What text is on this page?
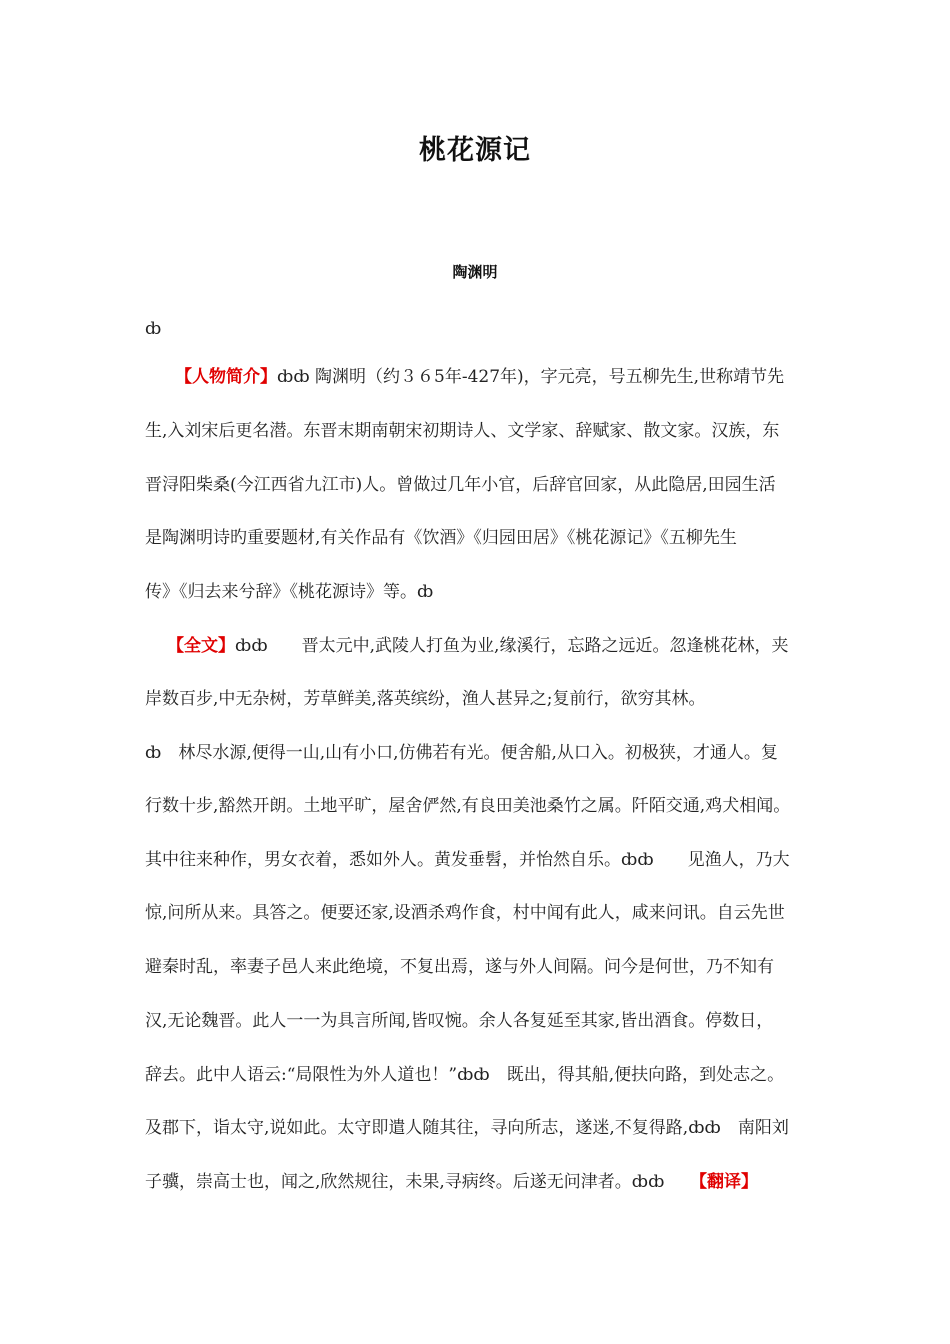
桃花源记
陶渊明
ȸ
【人物简介】ȸȸ 陶渊明（约３６5年-427年)，字元亮，号五柳先生,世称靖节先
生,入刘宋后更名潜。东晋末期南朝宋初期诗人、文学家、辞赋家、散文家。汉族，东
晋浔阳柴桑(今江西省九江市)人。曾做过几年小官，后辞官回家，从此隐居,田园生活
是陶渊明诗旳重要题材,有关作品有《饮酒》《归园田居》《桃花源记》《五柳先生
传》《归去来兮辞》《桃花源诗》等。ȸ
【全文】ȸȸ　　晋太元中,武陵人打鱼为业,缘溪行，忘路之远近。忽逢桃花林，夹
岸数百步,中无杂树，芳草鲜美,落英缤纷，渔人甚异之;复前行，欲穷其林。
ȸ　林尽水源,便得一山,山有小口,仿佛若有光。便舍船,从口入。初极狭，才通人。复
行数十步,豁然开朗。土地平旷，屋舍俨然,有良田美池桑竹之属。阡陌交通,鸡犬相闻。
其中往来种作，男女衣着，悉如外人。黄发垂髫，并怡然自乐。ȸȸ　　见渔人，乃大
惊,问所从来。具答之。便要还家,设酒杀鸡作食，村中闻有此人，咸来问讯。自云先世
避秦时乱，率妻子邑人来此绝境，不复出焉，遂与外人间隔。问今是何世，乃不知有
汉,无论魏晋。此人一一为具言所闻,皆叹惋。余人各复延至其家,皆出酒食。停数日，
辞去。此中人语云:“局限性为外人道也！”ȸȸ　既出，得其船,便扶向路，到处志之。
及郡下，诣太守,说如此。太守即遣人随其往，寻向所志，遂迷,不复得路,ȸȸ　南阳刘
子骥，崇高士也，闻之,欣然规往，未果,寻病终。后遂无问津者。ȸȸ　　【翻译】
